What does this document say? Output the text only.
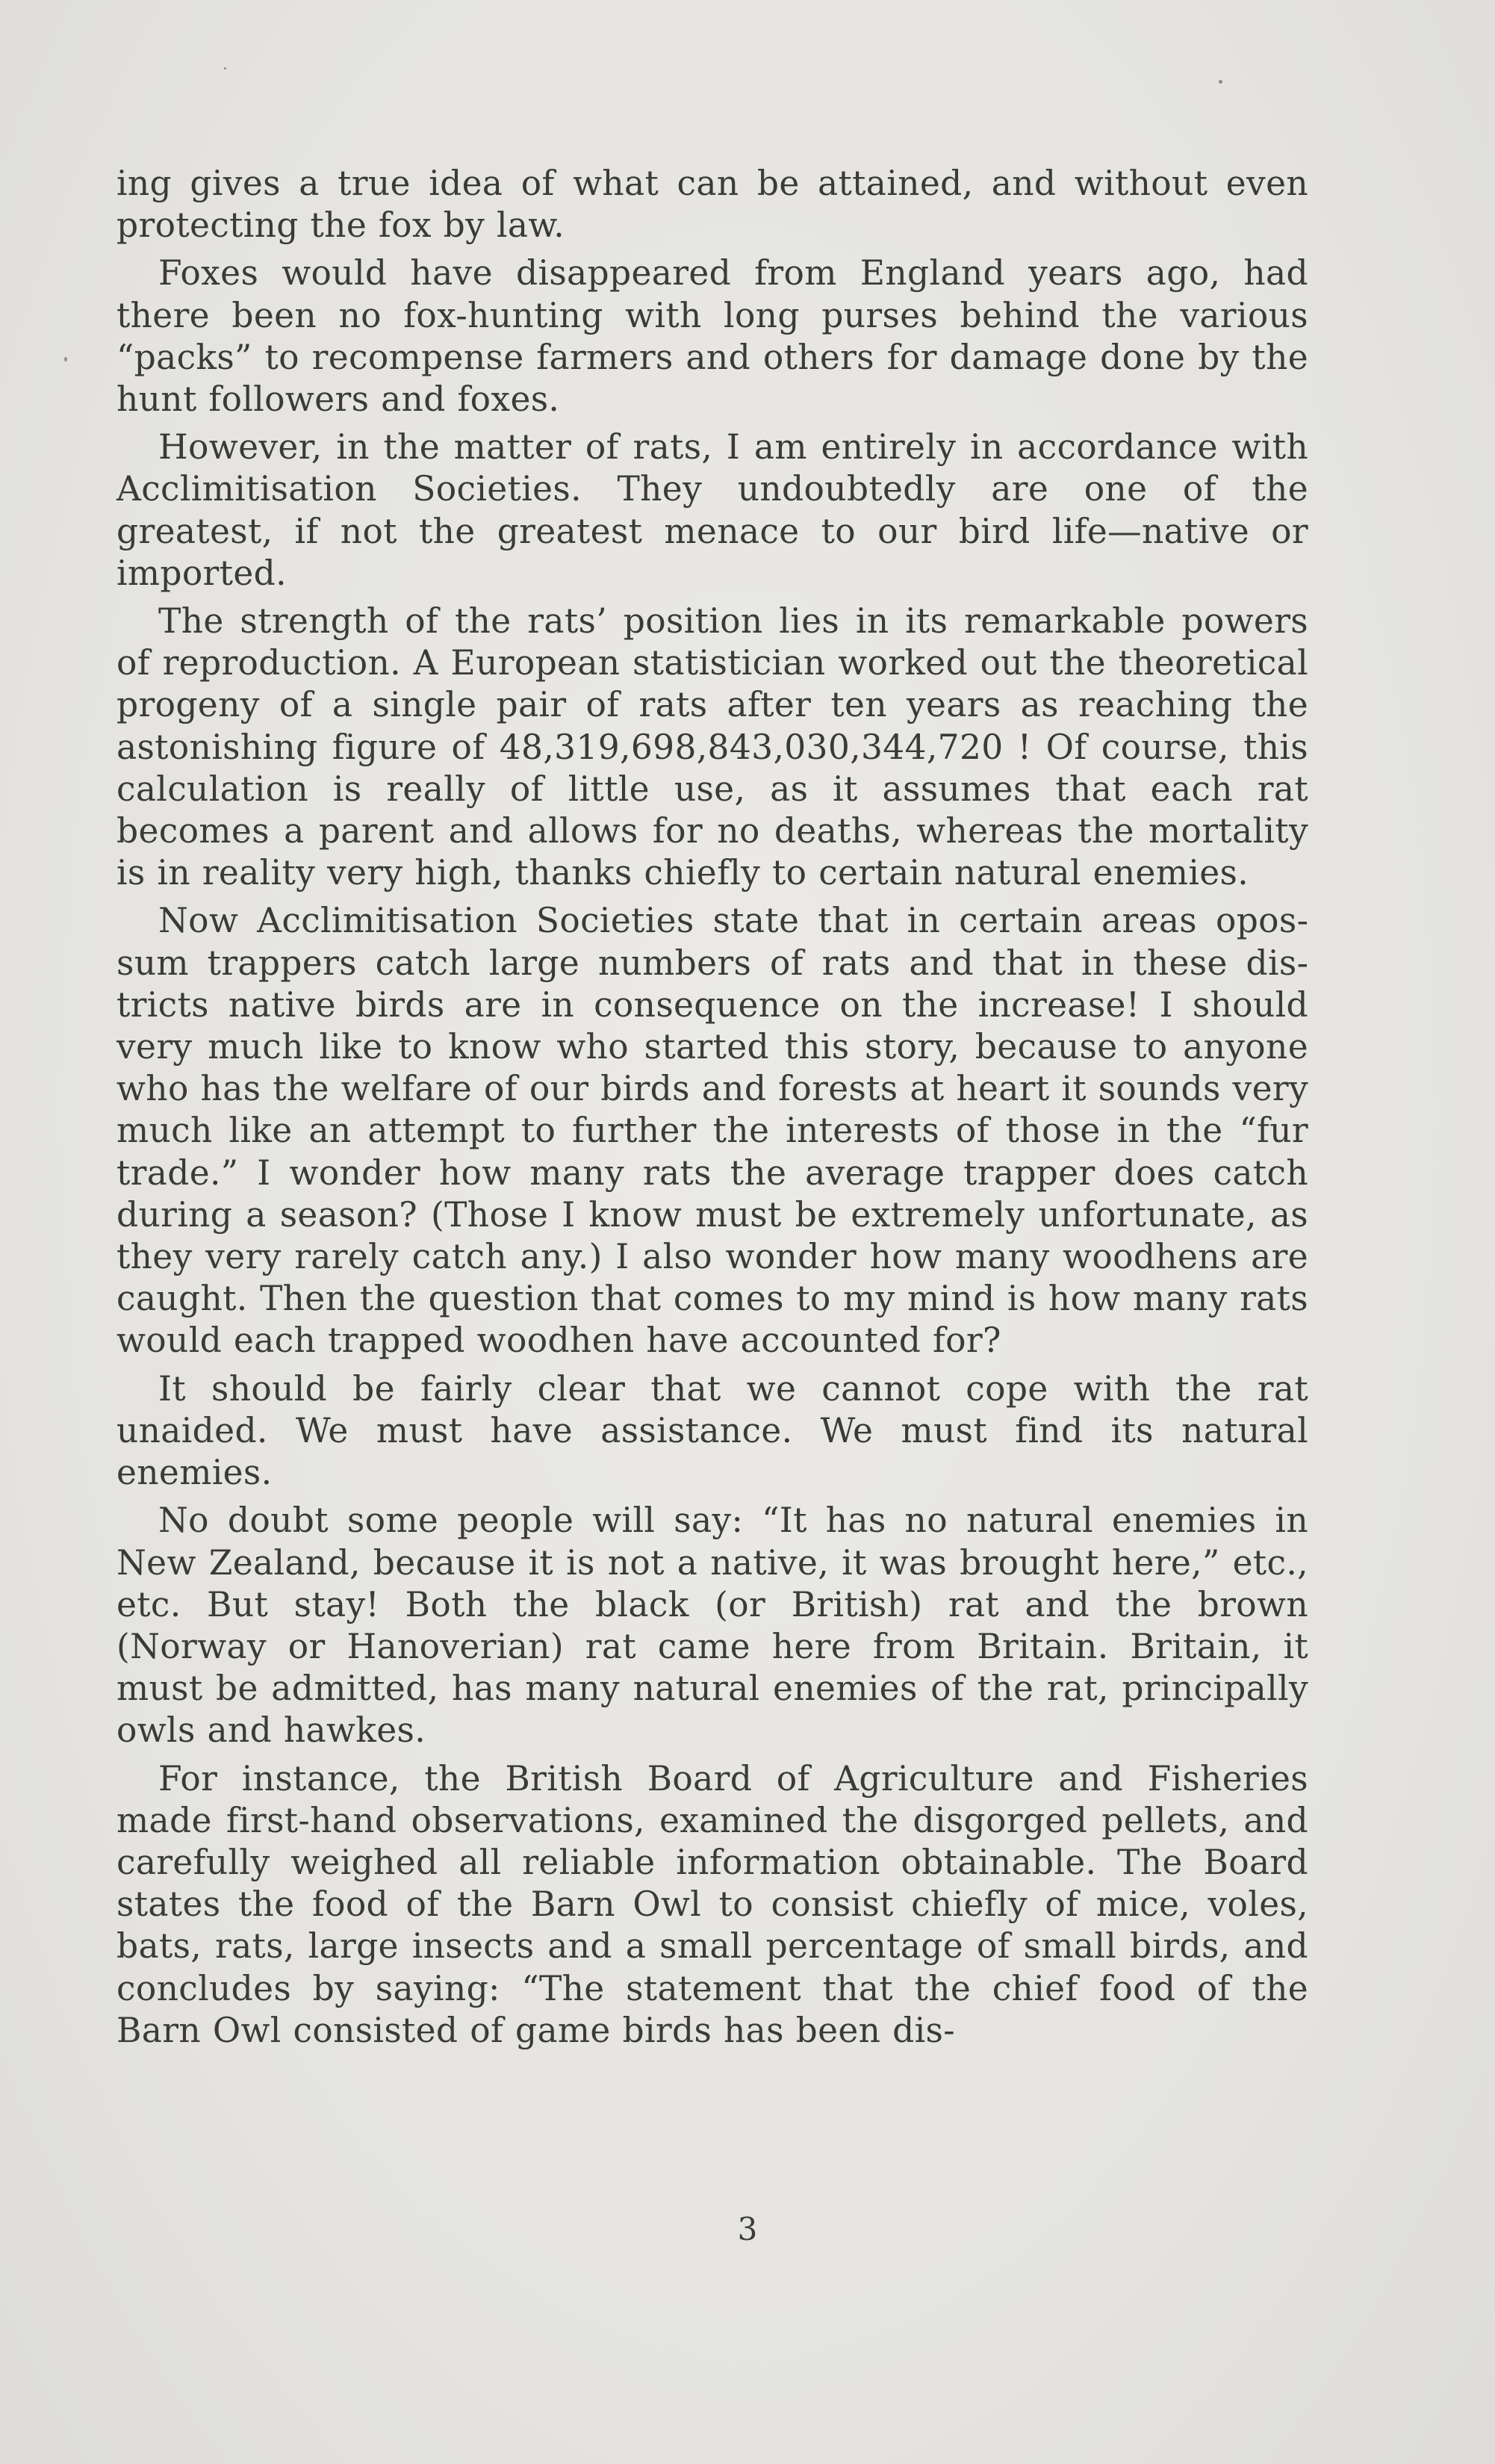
ing gives a true idea of what can be attained, and without even protecting the fox by law.

Foxes would have disappeared from England years ago, had there been no fox-hunting with long purses behind the various “packs” to recompense farmers and others for damage done by the hunt followers and foxes.

However, in the matter of rats, I am entirely in accordance with Acclimitisation Societies. They undoubtedly are one of the greatest, if not the greatest menace to our bird life—native or imported.

The strength of the rats’ position lies in its remarkable powers of reproduction. A European statistician worked out the theoretical progeny of a single pair of rats after ten years as reaching the astonishing figure of 48,319,698,843,030,344,720 ! Of course, this calculation is really of little use, as it assumes that each rat becomes a parent and allows for no deaths, whereas the mortality is in reality very high, thanks chiefly to certain natural enemies.

Now Acclimitisation Societies state that in certain areas opossum trappers catch large numbers of rats and that in these districts native birds are in consequence on the increase! I should very much like to know who started this story, because to anyone who has the welfare of our birds and forests at heart it sounds very much like an attempt to further the interests of those in the “fur trade.” I wonder how many rats the average trapper does catch during a season? (Those I know must be extremely unfortunate, as they very rarely catch any.) I also wonder how many woodhens are caught. Then the question that comes to my mind is how many rats would each trapped woodhen have accounted for?

It should be fairly clear that we cannot cope with the rat unaided. We must have assistance. We must find its natural enemies.

No doubt some people will say: “It has no natural enemies in New Zealand, because it is not a native, it was brought here,” etc., etc. But stay! Both the black (or British) rat and the brown (Norway or Hanoverian) rat came here from Britain. Britain, it must be admitted, has many natural enemies of the rat, principally owls and hawkes.

For instance, the British Board of Agriculture and Fisheries made first-hand observations, examined the disgorged pellets, and carefully weighed all reliable information obtainable. The Board states the food of the Barn Owl to consist chiefly of mice, voles, bats, rats, large insects and a small percentage of small birds, and concludes by saying: “The statement that the chief food of the Barn Owl consisted of game birds has been dis-

3
